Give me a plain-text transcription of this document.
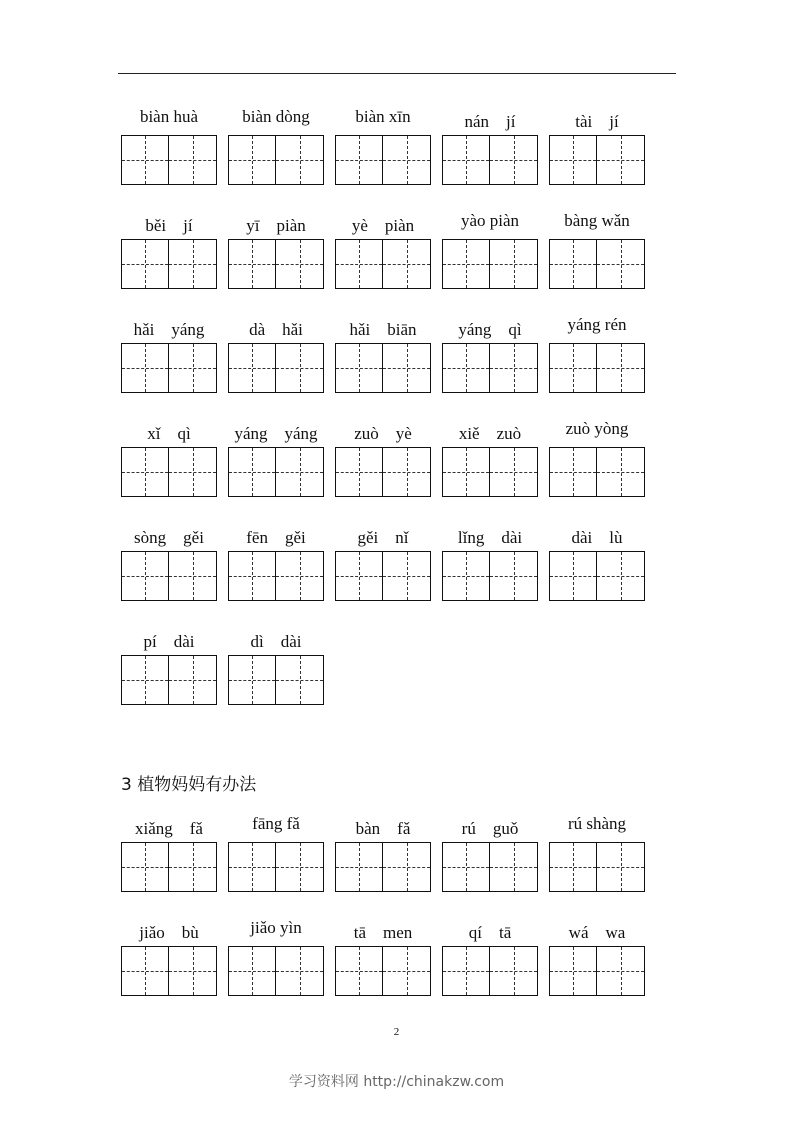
biàn huà	biàn dòng	biàn xīn	nán　jí	tài　jí
běi　jí	yī　piàn	yè　piàn	yào piàn	bàng wǎn
hǎi　yáng	dà　hǎi	hǎi　biān	yáng　qì	yáng rén
xǐ　qì	yáng　yáng	zuò　yè	xiě　zuò	zuò yòng
sòng　gěi	fēn　gěi	gěi　nǐ	lǐng　dài	dài　lù
pí　dài	dì　dài
3 植物妈妈有办法
xiǎng　fǎ	fāng fǎ	bàn　fǎ	rú　guǒ	rú shàng
jiǎo　bù	jiǎo yìn	tā　men	qí　tā	wá　wa
2
学习资料网 http://chinakzw.com
